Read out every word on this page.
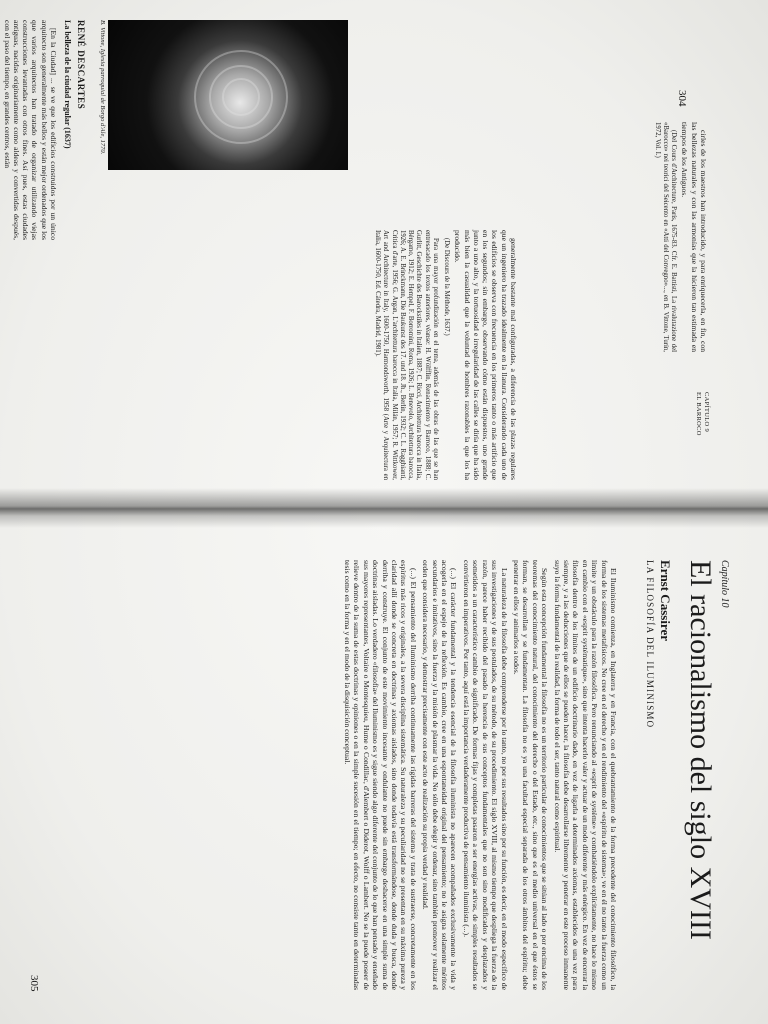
304
CAPÍTULO 9
EL BARROCO

cirles de los maestros han introducido, y para enriquecerla, en fin, con las bellezas naturales y con las armonías que la hicieron tan estimada en tiempos de los Antiguos.

(Del Cours d'Architecture, París, 1675-83. Cfr. E. Battisti, La rivalutazione del «Barocco» nei teorici del Seicento en «Atti del Convegno»..., en B. Vittone, Turín, 1972, Vol. I.)

generalmente bastante mal configuradas, a diferencia de las plazas regulares que un ingeniero ha trazado idealmente en la llanura. Considerando cada uno de los edificios se observa con frecuencia en los primeros tanto o más artificio que en los segundos; sin embargo, observando cómo están dispuestos, uno grande junto a uno alto, y la tortuosidad e irregularidad de las calles se diría que ha sido más bien la casualidad que la voluntad de hombres razonables la que los ha producido.

(De Discours de la Méthode, 1637.)

Para una mayor profundización en el tema, además de las obras de las que se han entresacado los textos anteriores, véanse: H. Wölfflin, Renacimiento y Barroco, 1888; C. Gurlitt, Geschichte des Barockstiles in Italien, 1887; C. Ricci, Architettura barocca in Italia, Bérgamo, 1912; E. Hempel, F. Borromini, Roma, 1926; L. Benevolo, Architettura barocca, 1926; A. E. Brinckmann, Die Baukunst des 17. und 18. Jh., Berlín, 1932; C. L. Ragghianti, Critica d'arte, 1956; G. Argan, L'architettura barocca in Italia, Milán, 1957; R. Wittkower, Art and Architecture in Italy, 1600-1750, Harmondsworth, 1958 (Arte y Arquitectura en Italia, 1600-1750, Ed. Cátedra, Madrid, 1981).

B. Vittone, Iglesia parroquial de Borgo d'Ale, 1770.
RENÉ DESCARTES
La belleza de la ciudad regular (1637)

[En la Ciudad] ... se ve que los edificios construidos por un único arquitecto son generalmente más bellos y están mejor ordenados que los que varios arquitectos han tratado de organizar utilizando viejas construcciones levantadas con otros fines. Así pues, estas ciudades antiguas, nacidas originariamente como aldeas y convertidas después, con el paso del tiempo, en grandes centros, están

305
Capítulo 10
El racionalismo del siglo XVIII
Ernst Cassirer
LA FILOSOFÍA DEL ILUMINISMO

El Iluminismo comienza, en Inglaterra y en Francia, con el quebrantamiento de la forma precedente del conocimiento filosófico, la forma de los sistemas metafísicos. No cree en el derecho y en el rendimiento del «espíritu de sistema»; ve en él no tanto la fuerza como un límite y un obstáculo para la razón filosófica. Pero renunciando al «esprit de système» y combatiéndolo explícitamente, no hace lo mismo en cambio con el «esprit systématique», sino que intenta hacerlo valer y actuar de un modo diferente y más enérgico. En vez de encerrar la filosofía dentro de los límites de un edificio doctrinario dado, en vez de ligarla a determinados axiomas, establecidos de una vez para siempre, y a las deducciones que de ellos se pueden hacer, la filosofía debe desarrollarse libremente y penetrar en este proceso inmanente suyo la forma fundamental de la realidad, la forma de todo el ser, tanto natural como espiritual.

Según esta concepción fundamental la filosofía no es un territorio particular de conocimientos que se sitúan al lado o por encima de los teoremas del conocimiento natural, del conocimiento del derecho o del Estado, etc., sino que es el medio universal en el que éstos se forman, se desarrollan y se fundamentan. La filosofía no es ya una facultad especial separada de los otros ámbitos del espíritu; debe penetrar en ellos y animarlos a todos.

La naturaleza de la filosofía debe comprenderse por lo tanto, no por sus resultados sino por su función, es decir, en el modo específico de sus investigaciones y de sus postulados, de su método, de su procedimiento. El siglo XVIII, al mismo tiempo que despliega la fuerza de la razón, parece haber recibido del pasado la herencia de sus conceptos fundamentales que no son sino modificados y desplazados y sometidos a un característico cambio de significado. De formas fijas y completas pasaron a ser energías activas, de simples resultados se convirtieron en imperativos. Por tanto, aquí está la importancia verdaderamente productiva de pensamiento iluminista (...).

(...) El carácter fundamental y la tendencia esencial de la filosofía iluminista no aparecen acompañados exclusivamente la vida y acogerla en el espejo de la reflexión. Es cambio, cree en una espontaneidad original del pensamiento; no le asigna solamente méritos secundarios e imitativos, sino la fuerza y la misión de plasmar la vida. No sólo debe elegir y ordenar, sino también promover y realizar el orden que considera necesario, y demostrar precisamente con este acto de realización su propia verdad y realidad.

(...) El pensamiento del Iluminismo derriba continuamente las rígidas barreras del sistema y trata de sustraerse, concretamente en los espíritus más ricos y originales, a la severa disciplina sistemática. Su naturaleza y su peculiaridad no se presentan en su máxima pureza y claridad allí donde se concreta en doctrinas y axiomas aislados, sino donde todavía está transformándose, donde duda y busca, donde derriba y construye. El conjunto de este movimiento incesante y ondulante no puede sin embargo deshacerse en una simple suma de doctrinas aisladas. Lo verdadero «filosofía» del Iluminismo es y sigue siendo algo diferente del conjunto de lo que han pensado y enseñado sus mayores representantes, Voltaire o Montesquieu, Hume o Condillac, d'Alembert o Diderot, Wolff o Lambert. No se la puede poseer de relieve dentro de la suma de estas doctrinas y opiniones o en la simple sucesión en el tiempo; en efecto, no consiste tanto en determinadas tesis como en la forma y en el modo de la disquisición conceptual.
